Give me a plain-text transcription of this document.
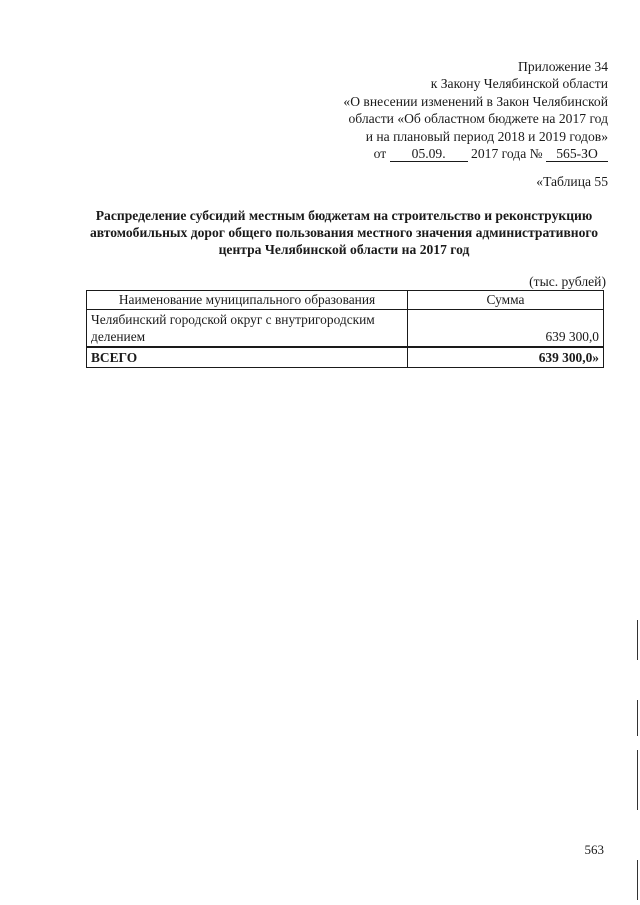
Приложение 34
к Закону Челябинской области
«О внесении изменений в Закон Челябинской
области «Об областном бюджете на 2017 год
и на плановый период 2018 и 2019 годов»
от 05.09. 2017 года № 565-ЗО
«Таблица 55
Распределение субсидий местным бюджетам на строительство и реконструкцию автомобильных дорог общего пользования местного значения административного центра Челябинской области на 2017 год
(тыс. рублей)
Наименование муниципального образования	Сумма
Челябинский городской округ с внутригородским делением	639 300,0
ВСЕГО	639 300,0»
563
